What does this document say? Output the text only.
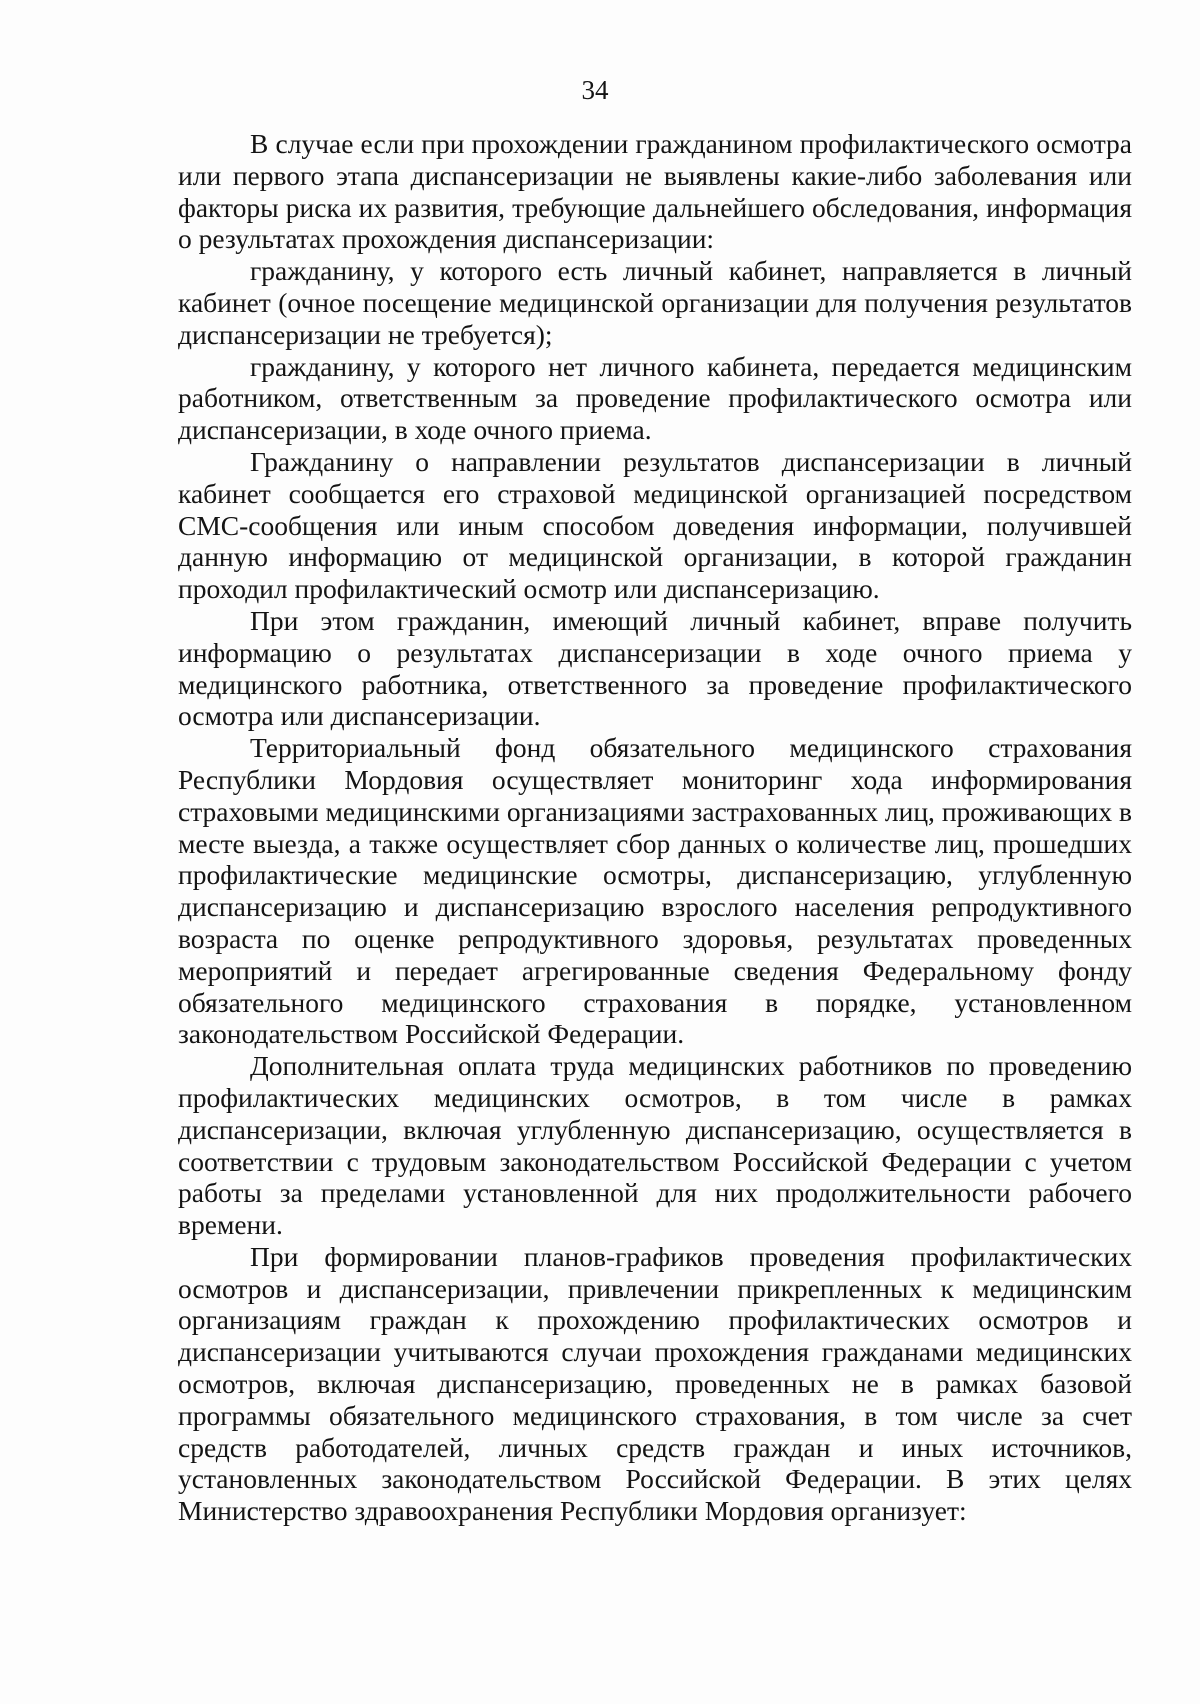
34

В случае если при прохождении гражданином профилактического осмотра или первого этапа диспансеризации не выявлены какие-либо заболевания или факторы риска их развития, требующие дальнейшего обследования, информация о результатах прохождения диспансеризации:

гражданину, у которого есть личный кабинет, направляется в личный кабинет (очное посещение медицинской организации для получения результатов диспансеризации не требуется);

гражданину, у которого нет личного кабинета, передается медицинским работником, ответственным за проведение профилактического осмотра или диспансеризации, в ходе очного приема.

Гражданину о направлении результатов диспансеризации в личный кабинет сообщается его страховой медицинской организацией посредством СМС-сообщения или иным способом доведения информации, получившей данную информацию от медицинской организации, в которой гражданин проходил профилактический осмотр или диспансеризацию.

При этом гражданин, имеющий личный кабинет, вправе получить информацию о результатах диспансеризации в ходе очного приема у медицинского работника, ответственного за проведение профилактического осмотра или диспансеризации.

Территориальный фонд обязательного медицинского страхования Республики Мордовия осуществляет мониторинг хода информирования страховыми медицинскими организациями застрахованных лиц, проживающих в месте выезда, а также осуществляет сбор данных о количестве лиц, прошедших профилактические медицинские осмотры, диспансеризацию, углубленную диспансеризацию и диспансеризацию взрослого населения репродуктивного возраста по оценке репродуктивного здоровья, результатах проведенных мероприятий и передает агрегированные сведения Федеральному фонду обязательного медицинского страхования в порядке, установленном законодательством Российской Федерации.

Дополнительная оплата труда медицинских работников по проведению профилактических медицинских осмотров, в том числе в рамках диспансеризации, включая углубленную диспансеризацию, осуществляется в соответствии с трудовым законодательством Российской Федерации с учетом работы за пределами установленной для них продолжительности рабочего времени.

При формировании планов-графиков проведения профилактических осмотров и диспансеризации, привлечении прикрепленных к медицинским организациям граждан к прохождению профилактических осмотров и диспансеризации учитываются случаи прохождения гражданами медицинских осмотров, включая диспансеризацию, проведенных не в рамках базовой программы обязательного медицинского страхования, в том числе за счет средств работодателей, личных средств граждан и иных источников, установленных законодательством Российской Федерации. В этих целях Министерство здравоохранения Республики Мордовия организует:
